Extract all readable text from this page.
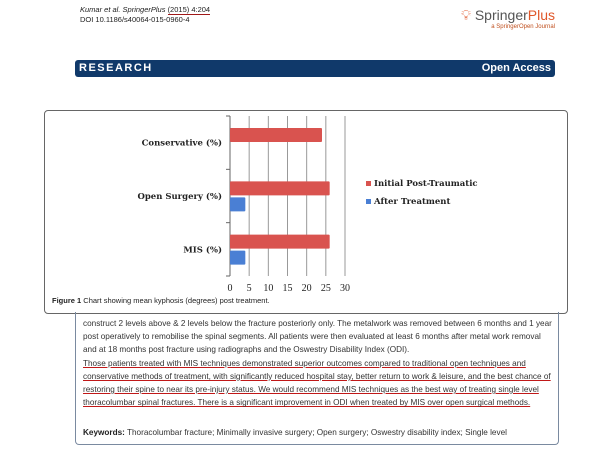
Kumar et al. SpringerPlus (2015) 4:204
DOI 10.1186/s40064-015-0960-4	💡︎ SpringerPlus
a SpringerOpen Journal
RESEARCH	Open Access
0 5 10 15 20 25 30
Conservative (%)
Open Surgery (%)
MIS (%)
Initial Post-Traumatic
After Treatment
Figure 1 Chart showing mean kyphosis (degrees) post treatment.

construct 2 levels above & 2 levels below the fracture posteriorly only. The metalwork was removed between 6 months and 1 year post operatively to remobilise the spinal segments. All patients were then evaluated at least 6 months after metal work removal and at 18 months post fracture using radiographs and the Oswestry Disability Index (ODI).

Those patients treated with MIS techniques demonstrated superior outcomes compared to traditional open techniques and conservative methods of treatment, with significantly reduced hospital stay, better return to work & leisure, and the best chance of restoring their spine to near its pre-injury status. We would recommend MIS techniques as the best way of treating single level thoracolumbar spinal fractures. There is a significant improvement in ODI when treated by MIS over open surgical methods.

Keywords: Thoracolumbar fracture; Minimally invasive surgery; Open surgery; Oswestry disability index; Single level
